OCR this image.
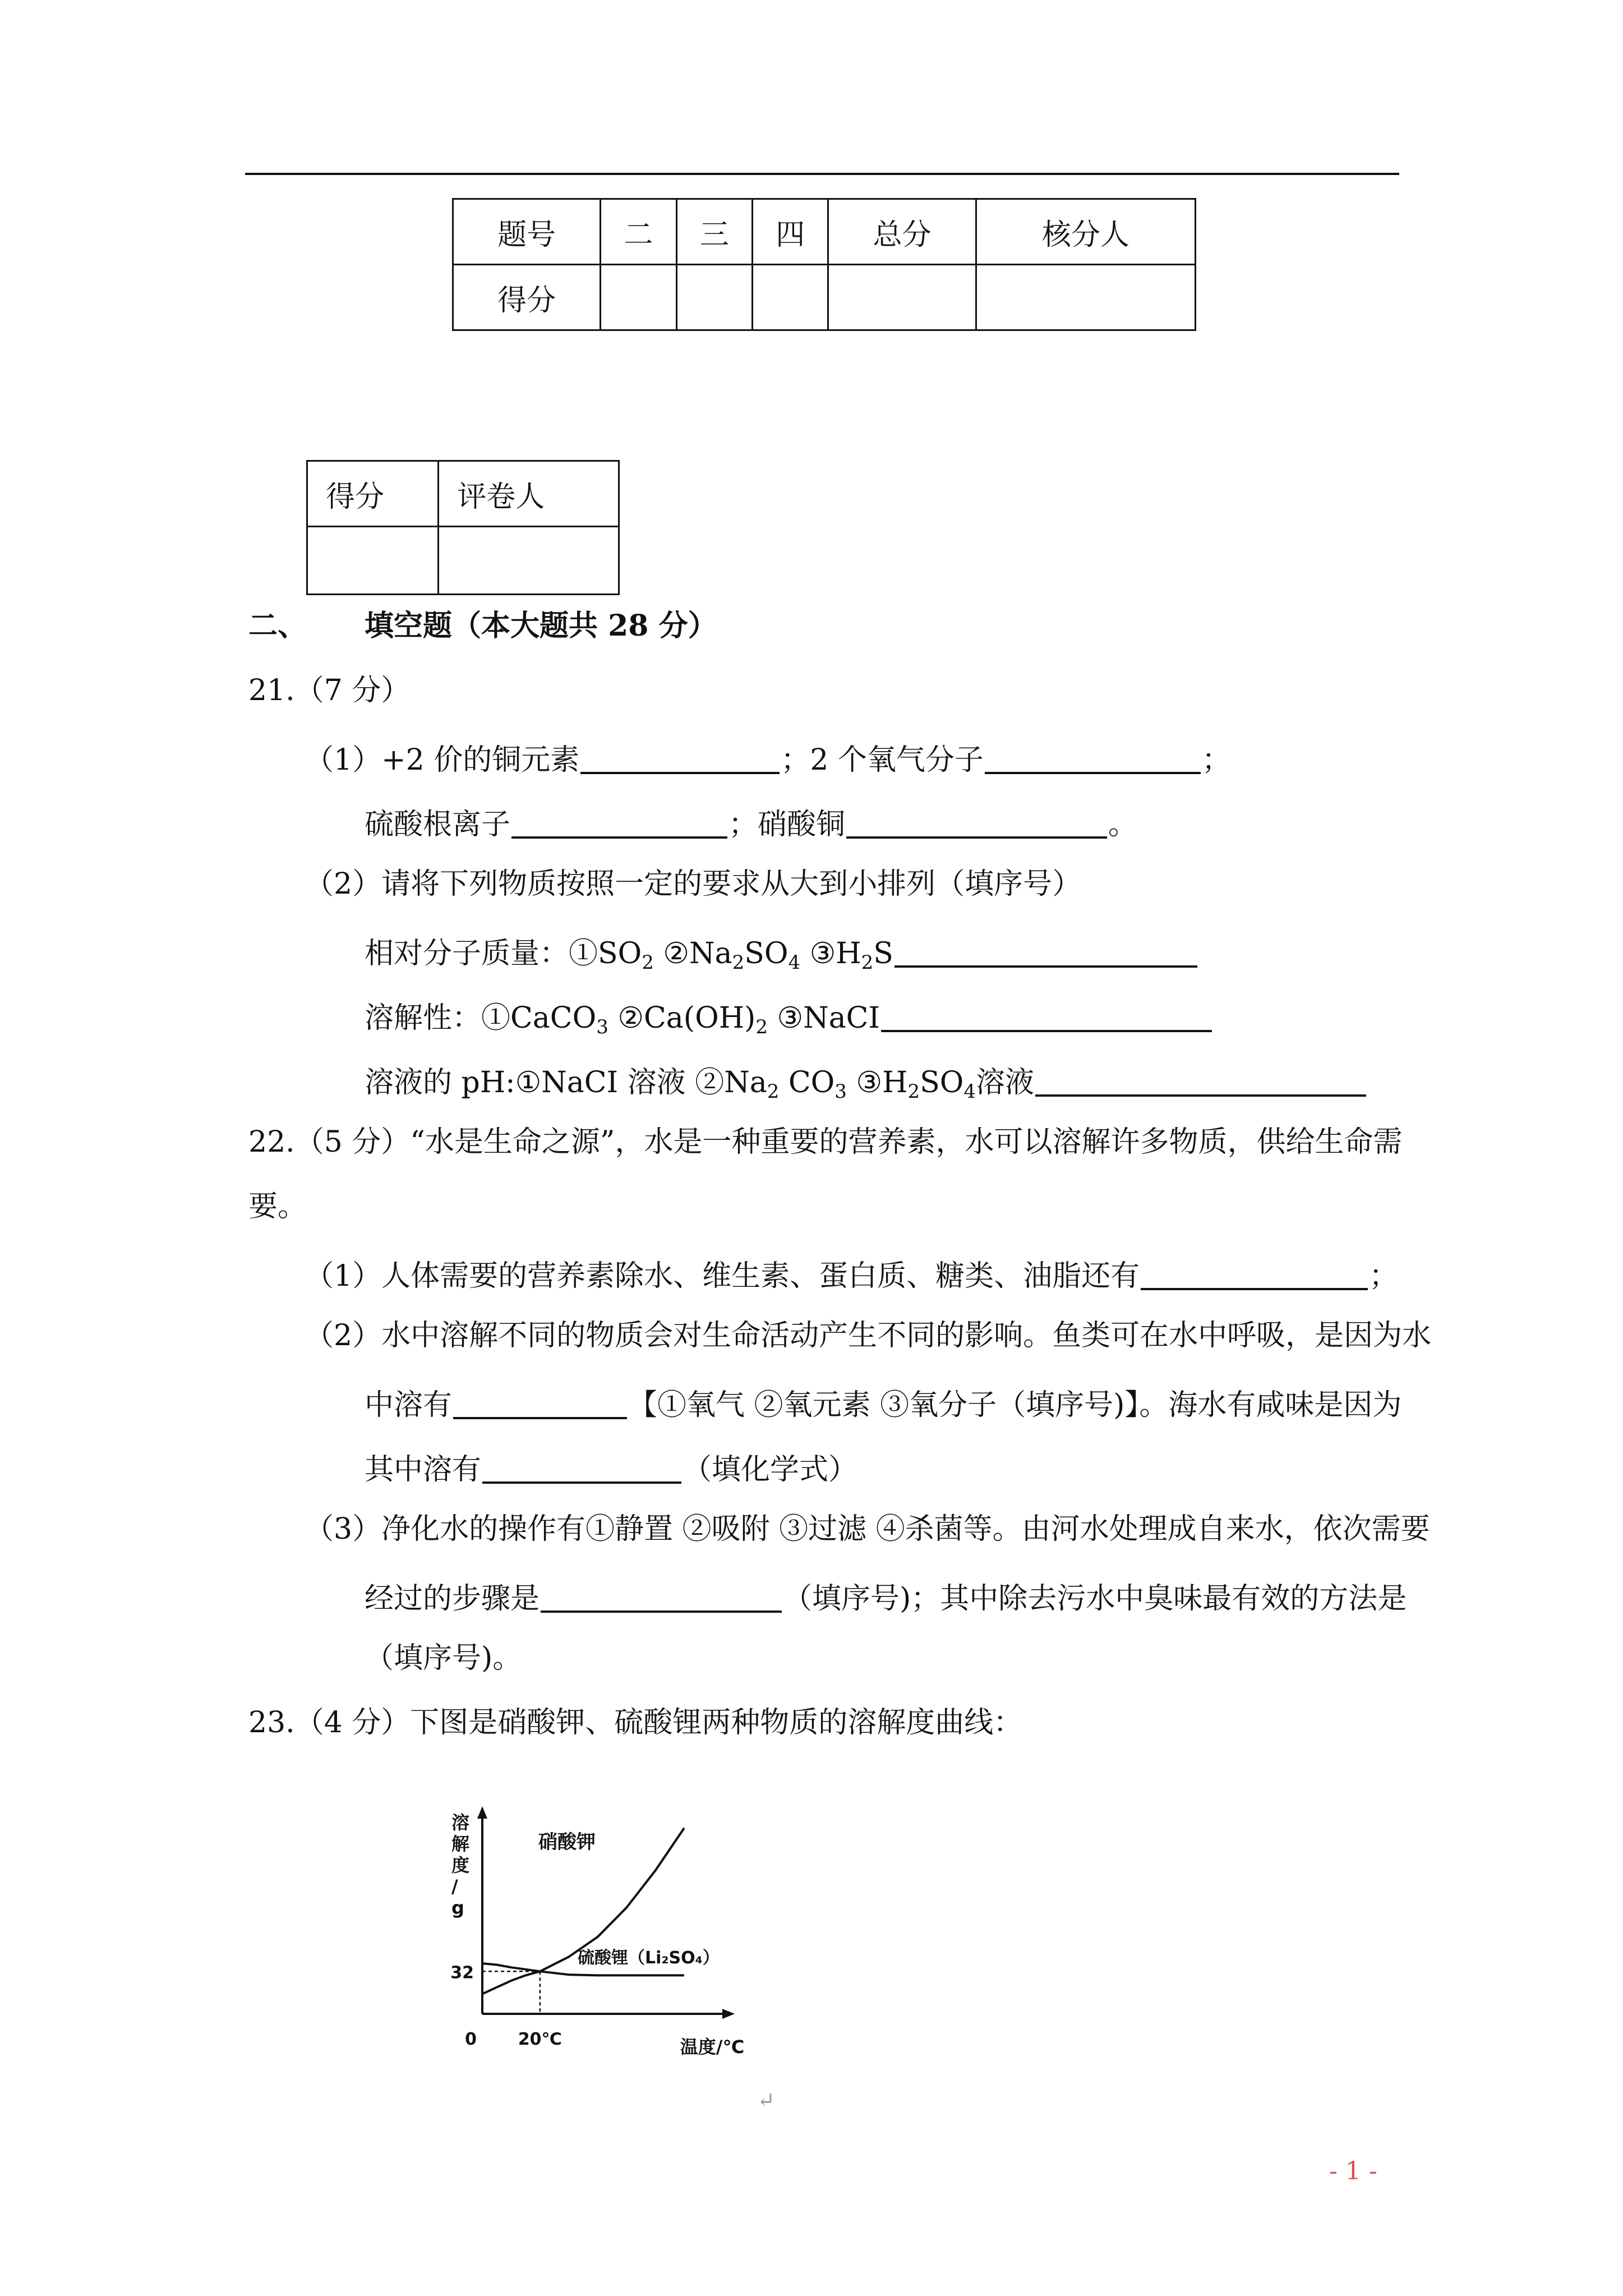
题号	二	三	四	总分	核分人
得分					
得分	评卷人

二、 填空题（本大题共 28 分）
21.（7 分）
（1）+2 价的铜元素	；2 个氧气分子	；
硫酸根离子	；硝酸铜	。
（2）请将下列物质按照一定的要求从大到小排列（填序号）
相对分子质量：$①SO_2$ $②Na_2SO_4$ $③H_2S$
溶解性：①CaCO$_3$ $②Ca(OH)_2$ ③NaCI
溶液的 pH:①NaCI 溶液 $②Na_2$ $CO_3$ $③H_2SO_4$溶液
22.（5 分）“水是生命之源”，水是一种重要的营养素，水可以溶解许多物质，供给生命需
要。
（1）人体需要的营养素除水、维生素、蛋白质、糖类、油脂还有	；
（2）水中溶解不同的物质会对生命活动产生不同的影响。鱼类可在水中呼吸，是因为水
中溶有	【①氧气 ②氧元素 ③氧分子（填序号)】。海水有咸味是因为
其中溶有	（填化学式）
（3）净化水的操作有①静置 ②吸附 ③过滤 ④杀菌等。由河水处理成自来水，依次需要
经过的步骤是	（填序号)；其中除去污水中臭味最有效的方法是
（填序号)。
23.（4 分）下图是硝酸钾、硫酸锂两种物质的溶解度曲线：
溶
解
度
/
g
硝酸钾
硫酸锂（Li₂SO₄）
32
0 20℃	温度/℃
↵
- 1 -
